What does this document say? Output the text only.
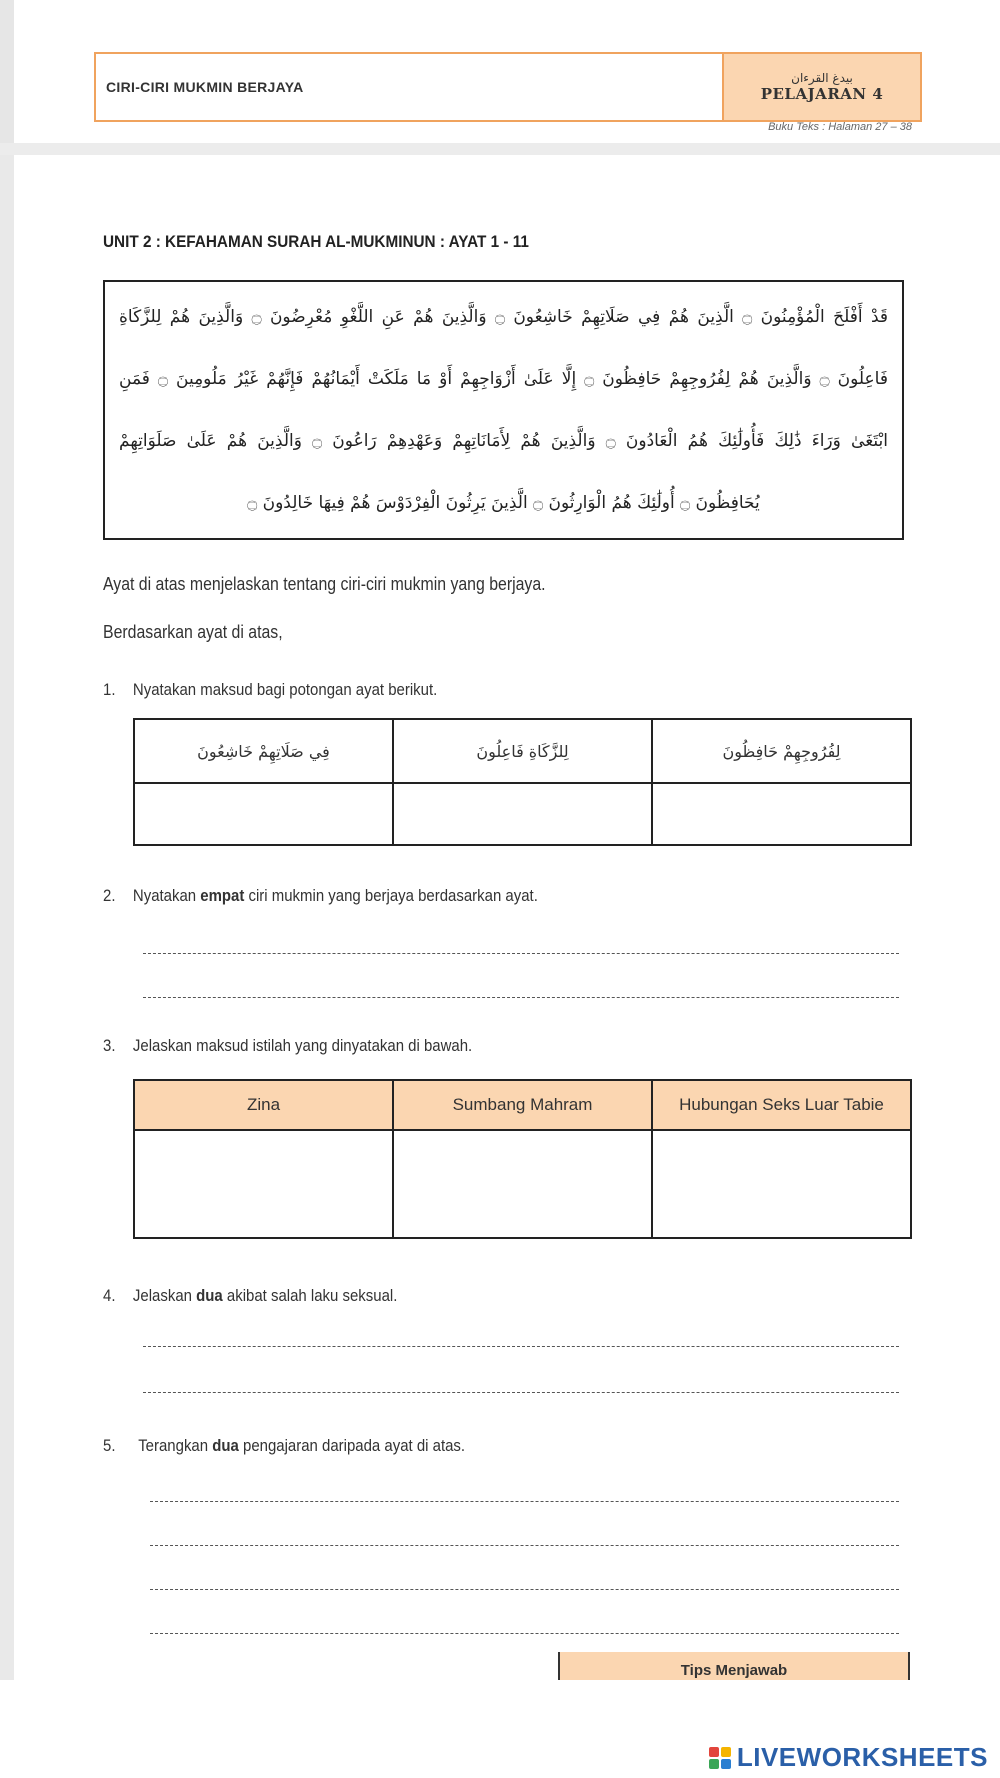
CIRI-CIRI MUKMIN BERJAYA
بيدغ القرءان
PELAJARAN 4
Buku Teks : Halaman 27 – 38
UNIT 2 : KEFAHAMAN SURAH AL-MUKMINUN : AYAT 1 - 11
قَدْ أَفْلَحَ الْمُؤْمِنُونَ ۝ الَّذِينَ هُمْ فِي صَلَاتِهِمْ خَاشِعُونَ ۝ وَالَّذِينَ هُمْ عَنِ اللَّغْوِ مُعْرِضُونَ ۝ وَالَّذِينَ هُمْ لِلزَّكَاةِ
فَاعِلُونَ ۝ وَالَّذِينَ هُمْ لِفُرُوجِهِمْ حَافِظُونَ ۝ إِلَّا عَلَىٰ أَزْوَاجِهِمْ أَوْ مَا مَلَكَتْ أَيْمَانُهُمْ فَإِنَّهُمْ غَيْرُ مَلُومِينَ ۝ فَمَنِ
ابْتَغَىٰ وَرَاءَ ذَٰلِكَ فَأُولَٰئِكَ هُمُ الْعَادُونَ ۝ وَالَّذِينَ هُمْ لِأَمَانَاتِهِمْ وَعَهْدِهِمْ رَاعُونَ ۝ وَالَّذِينَ هُمْ عَلَىٰ صَلَوَاتِهِمْ
يُحَافِظُونَ ۝ أُولَٰئِكَ هُمُ الْوَارِثُونَ ۝ الَّذِينَ يَرِثُونَ الْفِرْدَوْسَ هُمْ فِيهَا خَالِدُونَ ۝
Ayat di atas menjelaskan tentang ciri-ciri mukmin yang berjaya.
Berdasarkan ayat di atas,
1.	Nyatakan maksud bagi potongan ayat berikut.
فِي صَلَاتِهِمْ خَاشِعُونَ	لِلزَّكَاةِ فَاعِلُونَ	لِفُرُوجِهِمْ حَافِظُونَ

2.	Nyatakan empat ciri mukmin yang berjaya berdasarkan ayat.
3.	Jelaskan maksud istilah yang dinyatakan di bawah.
Zina	Sumbang Mahram	Hubungan Seks Luar Tabie

4.	Jelaskan dua akibat salah laku seksual.
5.	Terangkan dua pengajaran daripada ayat di atas.
Tips Menjawab
LIVEWORKSHEETS
